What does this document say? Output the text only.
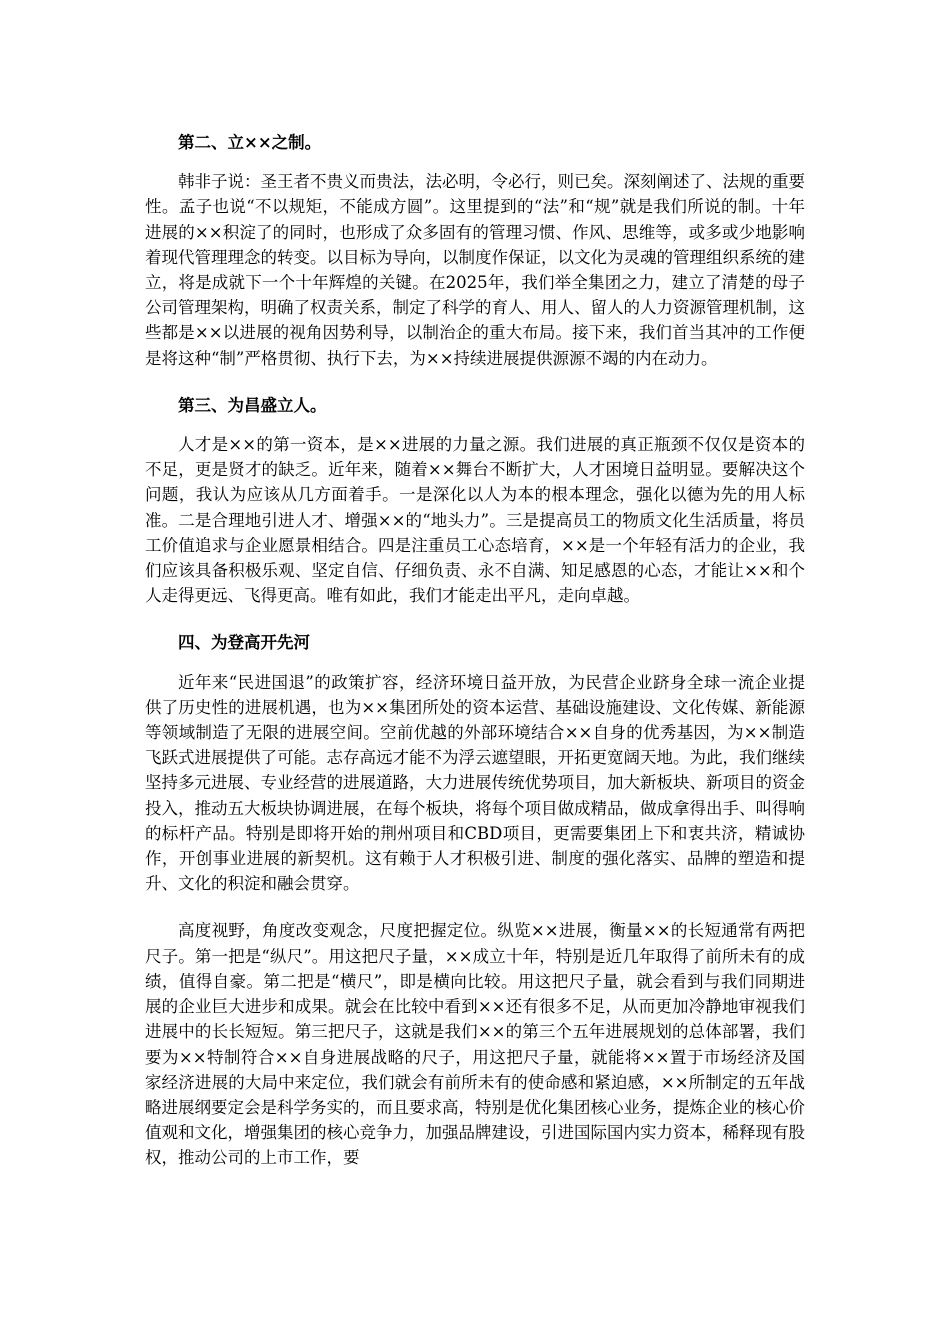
第二、立××之制。

韩非子说：圣王者不贵义而贵法，法必明，令必行，则已矣。深刻阐述了、法规的重要性。孟子也说“不以规矩，不能成方圆”。这里提到的“法”和“规”就是我们所说的制。十年进展的××积淀了的同时，也形成了众多固有的管理习惯、作风、思维等，或多或少地影响着现代管理理念的转变。以目标为导向，以制度作保证，以文化为灵魂的管理组织系统的建立，将是成就下一个十年辉煌的关键。在2025年，我们举全集团之力，建立了清楚的母子公司管理架构，明确了权责关系，制定了科学的育人、用人、留人的人力资源管理机制，这些都是××以进展的视角因势利导，以制治企的重大布局。接下来，我们首当其冲的工作便是将这种“制”严格贯彻、执行下去，为××持续进展提供源源不竭的内在动力。

第三、为昌盛立人。

人才是××的第一资本，是××进展的力量之源。我们进展的真正瓶颈不仅仅是资本的不足，更是贤才的缺乏。近年来，随着××舞台不断扩大，人才困境日益明显。要解决这个问题，我认为应该从几方面着手。一是深化以人为本的根本理念，强化以德为先的用人标准。二是合理地引进人才、增强××的“地头力”。三是提高员工的物质文化生活质量，将员工价值追求与企业愿景相结合。四是注重员工心态培育，××是一个年轻有活力的企业，我们应该具备积极乐观、坚定自信、仔细负责、永不自满、知足感恩的心态，才能让××和个人走得更远、飞得更高。唯有如此，我们才能走出平凡，走向卓越。

四、为登高开先河

近年来“民进国退”的政策扩容，经济环境日益开放，为民营企业跻身全球一流企业提供了历史性的进展机遇，也为××集团所处的资本运营、基础设施建设、文化传媒、新能源等领域制造了无限的进展空间。空前优越的外部环境结合××自身的优秀基因，为××制造飞跃式进展提供了可能。志存高远才能不为浮云遮望眼，开拓更宽阔天地。为此，我们继续坚持多元进展、专业经营的进展道路，大力进展传统优势项目，加大新板块、新项目的资金投入，推动五大板块协调进展，在每个板块，将每个项目做成精品，做成拿得出手、叫得响的标杆产品。特别是即将开始的荆州项目和CBD项目，更需要集团上下和衷共济，精诚协作，开创事业进展的新契机。这有赖于人才积极引进、制度的强化落实、品牌的塑造和提升、文化的积淀和融会贯穿。

高度视野，角度改变观念，尺度把握定位。纵览××进展，衡量××的长短通常有两把尺子。第一把是“纵尺”。用这把尺子量，××成立十年，特别是近几年取得了前所未有的成绩，值得自豪。第二把是“横尺”，即是横向比较。用这把尺子量，就会看到与我们同期进展的企业巨大进步和成果。就会在比较中看到××还有很多不足，从而更加冷静地审视我们进展中的长长短短。第三把尺子，这就是我们××的第三个五年进展规划的总体部署，我们要为××特制符合××自身进展战略的尺子，用这把尺子量，就能将××置于市场经济及国家经济进展的大局中来定位，我们就会有前所未有的使命感和紧迫感，××所制定的五年战略进展纲要定会是科学务实的，而且要求高，特别是优化集团核心业务，提炼企业的核心价值观和文化，增强集团的核心竞争力，加强品牌建设，引进国际国内实力资本，稀释现有股权，推动公司的上市工作，要
